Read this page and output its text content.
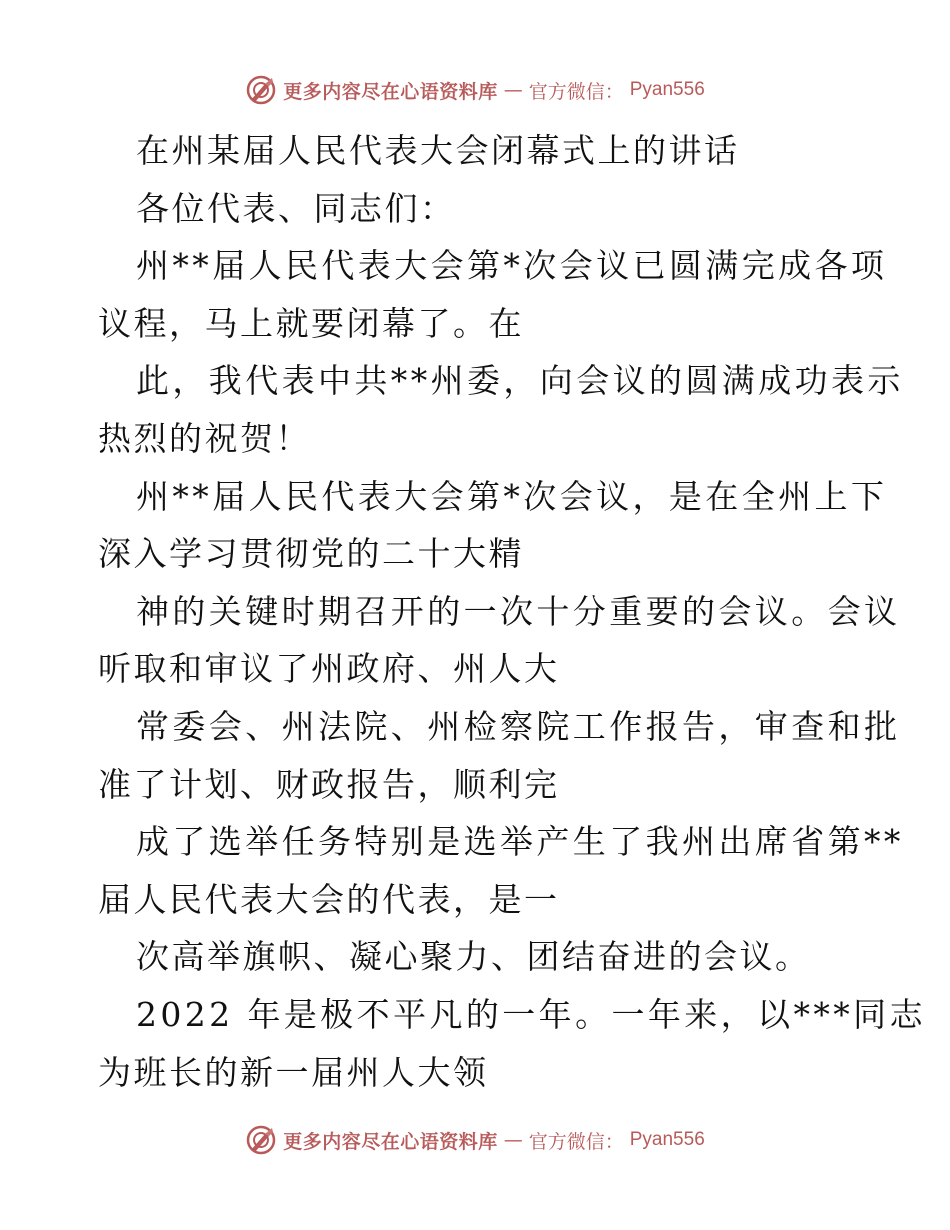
更多内容尽在心语资料库 — 官方微信： Pyan556
在州某届人民代表大会闭幕式上的讲话
各位代表、同志们：
州**届人民代表大会第*次会议已圆满完成各项
议程，马上就要闭幕了。在
此，我代表中共**州委，向会议的圆满成功表示
热烈的祝贺！
州**届人民代表大会第*次会议，是在全州上下
深入学习贯彻党的二十大精
神的关键时期召开的一次十分重要的会议。会议
听取和审议了州政府、州人大
常委会、州法院、州检察院工作报告，审查和批
准了计划、财政报告，顺利完
成了选举任务特别是选举产生了我州出席省第**
届人民代表大会的代表，是一
次高举旗帜、凝心聚力、团结奋进的会议。
2022 年是极不平凡的一年。一年来，以***同志
为班长的新一届州人大领
更多内容尽在心语资料库 — 官方微信： Pyan556
